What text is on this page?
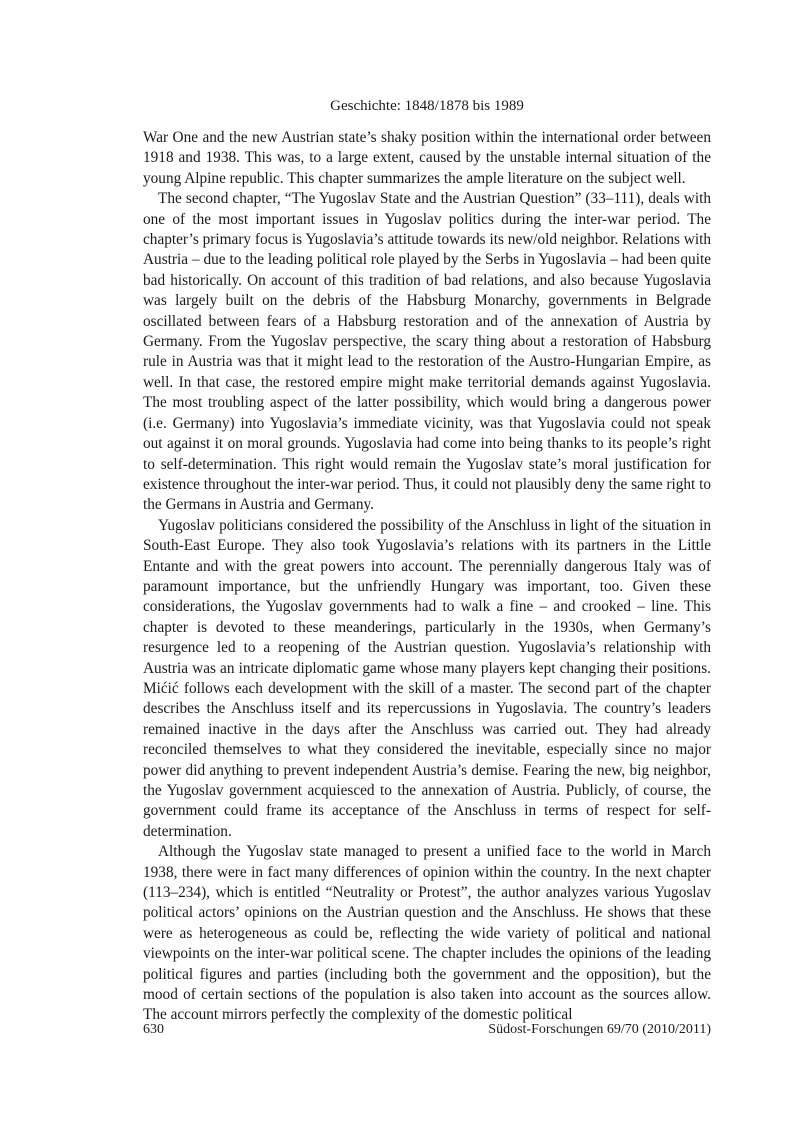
Geschichte: 1848/1878 bis 1989

War One and the new Austrian state’s shaky position within the international order between 1918 and 1938. This was, to a large extent, caused by the unstable internal situation of the young Alpine republic. This chapter summarizes the ample literature on the subject well.

The second chapter, “The Yugoslav State and the Austrian Question” (33–111), deals with one of the most important issues in Yugoslav politics during the inter-war period. The chapter’s primary focus is Yugoslavia’s attitude towards its new/old neighbor. Relations with Austria – due to the leading political role played by the Serbs in Yugoslavia – had been quite bad historically. On account of this tradition of bad relations, and also because Yugoslavia was largely built on the debris of the Habsburg Monarchy, governments in Belgrade oscillated between fears of a Habsburg restoration and of the annexation of Austria by Germany. From the Yugoslav perspective, the scary thing about a restoration of Habsburg rule in Austria was that it might lead to the restoration of the Austro-Hungarian Empire, as well. In that case, the restored empire might make territorial demands against Yugoslavia. The most troubling aspect of the latter possibility, which would bring a dangerous power (i.e. Germany) into Yugoslavia’s immediate vicinity, was that Yugoslavia could not speak out against it on moral grounds. Yugoslavia had come into being thanks to its people’s right to self-determination. This right would remain the Yugoslav state’s moral justification for existence throughout the inter-war period. Thus, it could not plausibly deny the same right to the Germans in Austria and Germany.

Yugoslav politicians considered the possibility of the Anschluss in light of the situation in South-East Europe. They also took Yugoslavia’s relations with its partners in the Little Entante and with the great powers into account. The perennially dangerous Italy was of paramount importance, but the unfriendly Hungary was important, too. Given these considerations, the Yugoslav governments had to walk a fine – and crooked – line. This chapter is devoted to these meanderings, particularly in the 1930s, when Germany’s resurgence led to a reopening of the Austrian question. Yugoslavia’s relationship with Austria was an intricate diplomatic game whose many players kept changing their positions. Mićić follows each development with the skill of a master. The second part of the chapter describes the Anschluss itself and its repercussions in Yugoslavia. The country’s leaders remained inactive in the days after the Anschluss was carried out. They had already reconciled themselves to what they considered the inevitable, especially since no major power did anything to prevent independent Austria’s demise. Fearing the new, big neighbor, the Yugoslav government acquiesced to the annexation of Austria. Publicly, of course, the government could frame its acceptance of the Anschluss in terms of respect for self-determination.

Although the Yugoslav state managed to present a unified face to the world in March 1938, there were in fact many differences of opinion within the country. In the next chapter (113–234), which is entitled “Neutrality or Protest”, the author analyzes various Yugoslav political actors’ opinions on the Austrian question and the Anschluss. He shows that these were as heterogeneous as could be, reflecting the wide variety of political and national viewpoints on the inter-war political scene. The chapter includes the opinions of the leading political figures and parties (including both the government and the opposition), but the mood of certain sections of the population is also taken into account as the sources allow. The account mirrors perfectly the complexity of the domestic political

630	Südost-Forschungen 69/70 (2010/2011)
